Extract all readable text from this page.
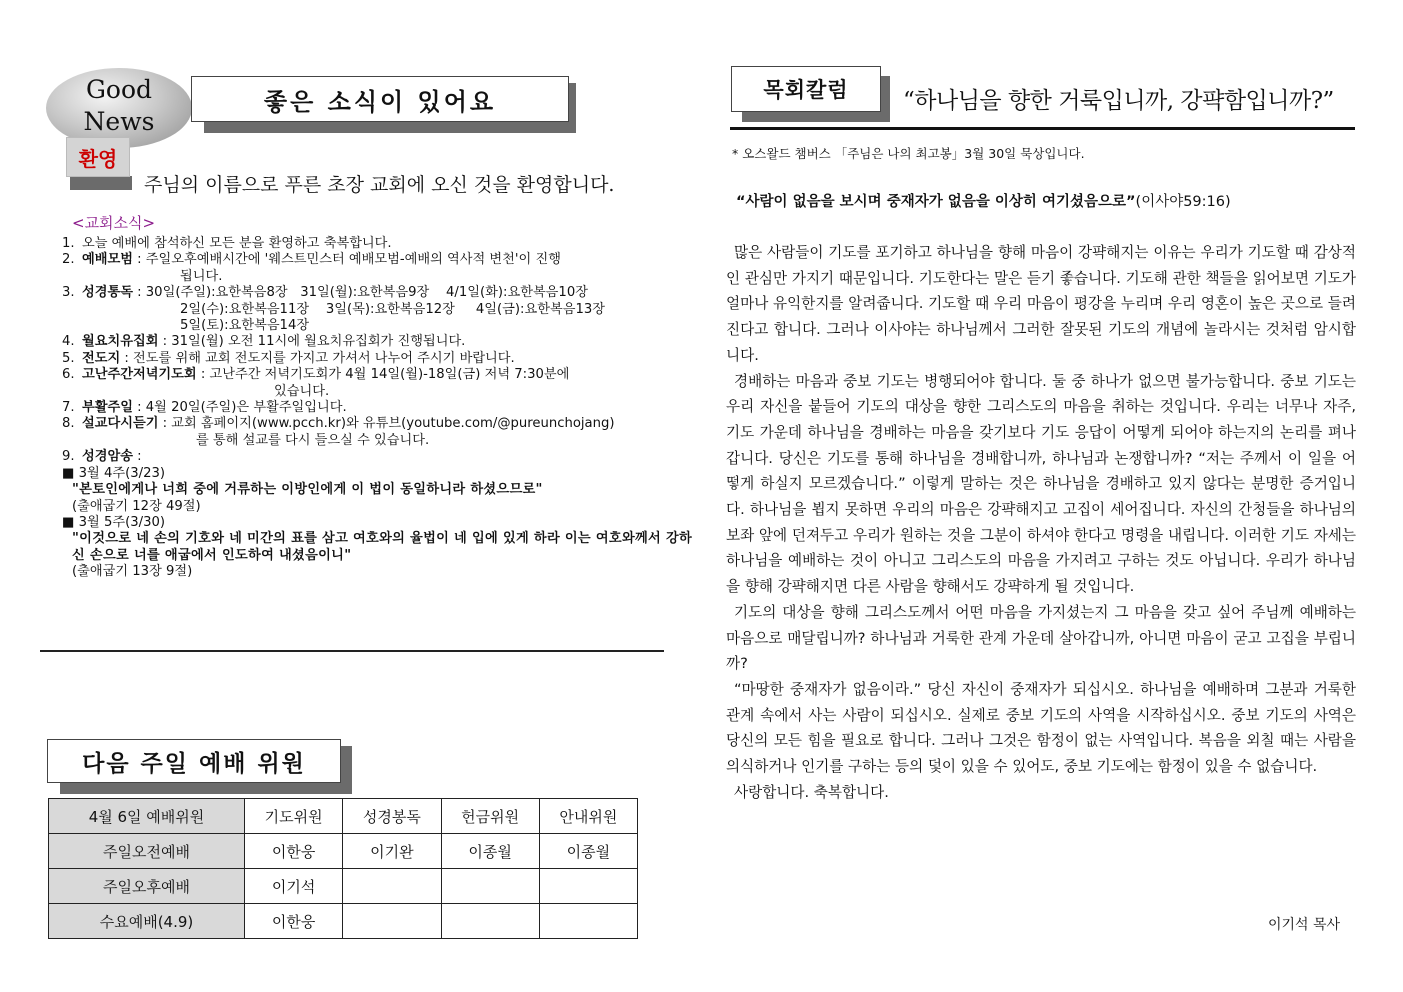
Good
News
좋은 소식이 있어요
환영
주님의 이름으로 푸른 초장 교회에 오신 것을 환영합니다.
<교회소식>
1. 오늘 예배에 참석하신 모든 분을 환영하고 축복합니다.
2. 예배모범 : 주일오후예배시간에 '웨스트민스터 예배모범-예배의 역사적 변천'이 진행
됩니다.
3. 성경통독 : 30일(주일):요한복음8장   31일(월):요한복음9장    4/1일(화):요한복음10장
2일(수):요한복음11장    3일(목):요한복음12장     4일(금):요한복음13장
5일(토):요한복음14장
4. 월요치유집회 : 31일(월) 오전 11시에 월요치유집회가 진행됩니다.
5. 전도지 : 전도를 위해 교회 전도지를 가지고 가셔서 나누어 주시기 바랍니다.
6. 고난주간저녁기도회 : 고난주간 저녁기도회가 4월 14일(월)-18일(금) 저녁 7:30분에
있습니다.
7. 부활주일 : 4월 20일(주일)은 부활주일입니다.
8. 설교다시듣기 : 교회 홈페이지(www.pcch.kr)와 유튜브(youtube.com/@pureunchojang)
를 통해 설교를 다시 들으실 수 있습니다.
9. 성경암송 :
■ 3월 4주(3/23)
"본토인에게나 너희 중에 거류하는 이방인에게 이 법이 동일하니라 하셨으므로"
(출애굽기 12장 49절)
■ 3월 5주(3/30)
"이것으로 네 손의 기호와 네 미간의 표를 삼고 여호와의 율법이 네 입에 있게 하라 이는 여호와께서 강하신 손으로 너를 애굽에서 인도하여 내셨음이니"
(출애굽기 13장 9절)
다음 주일 예배 위원
4월 6일 예배위원	기도위원	성경봉독	헌금위원	안내위원
주일오전예배	이한웅	이기완	이종월	이종월
주일오후예배	이기석			
수요예배(4.9)	이한웅			
목회칼럼	“하나님을 향한 거룩입니까, 강퍅함입니까?”
* 오스왈드 챔버스 「주님은 나의 최고봉」3월 30일 묵상입니다.
“사람이 없음을 보시며 중재자가 없음을 이상히 여기셨음으로”(이사야59:16)

많은 사람들이 기도를 포기하고 하나님을 향해 마음이 강퍅해지는 이유는 우리가 기도할 때 감상적인 관심만 가지기 때문입니다. 기도한다는 말은 듣기 좋습니다. 기도해 관한 책들을 읽어보면 기도가 얼마나 유익한지를 알려줍니다. 기도할 때 우리 마음이 평강을 누리며 우리 영혼이 높은 곳으로 들려진다고 합니다. 그러나 이사야는 하나님께서 그러한 잘못된 기도의 개념에 놀라시는 것처럼 암시합니다.

경배하는 마음과 중보 기도는 병행되어야 합니다. 둘 중 하나가 없으면 불가능합니다. 중보 기도는 우리 자신을 붙들어 기도의 대상을 향한 그리스도의 마음을 취하는 것입니다. 우리는 너무나 자주, 기도 가운데 하나님을 경배하는 마음을 갖기보다 기도 응답이 어떻게 되어야 하는지의 논리를 펴나갑니다. 당신은 기도를 통해 하나님을 경배합니까, 하나님과 논쟁합니까? “저는 주께서 이 일을 어떻게 하실지 모르겠습니다.” 이렇게 말하는 것은 하나님을 경배하고 있지 않다는 분명한 증거입니다. 하나님을 뵙지 못하면 우리의 마음은 강퍅해지고 고집이 세어집니다. 자신의 간청들을 하나님의 보좌 앞에 던져두고 우리가 원하는 것을 그분이 하셔야 한다고 명령을 내립니다. 이러한 기도 자세는 하나님을 예배하는 것이 아니고 그리스도의 마음을 가지려고 구하는 것도 아닙니다. 우리가 하나님을 향해 강퍅해지면 다른 사람을 향해서도 강퍅하게 될 것입니다.

기도의 대상을 향해 그리스도께서 어떤 마음을 가지셨는지 그 마음을 갖고 싶어 주님께 예배하는 마음으로 매달립니까? 하나님과 거룩한 관계 가운데 살아갑니까, 아니면 마음이 굳고 고집을 부립니까?

“마땅한 중재자가 없음이라.” 당신 자신이 중재자가 되십시오. 하나님을 예배하며 그분과 거룩한 관계 속에서 사는 사람이 되십시오. 실제로 중보 기도의 사역을 시작하십시오. 중보 기도의 사역은 당신의 모든 힘을 필요로 합니다. 그러나 그것은 함정이 없는 사역입니다. 복음을 외칠 때는 사람을 의식하거나 인기를 구하는 등의 덫이 있을 수 있어도, 중보 기도에는 함정이 있을 수 없습니다.

사랑합니다. 축복합니다.

이기석 목사
